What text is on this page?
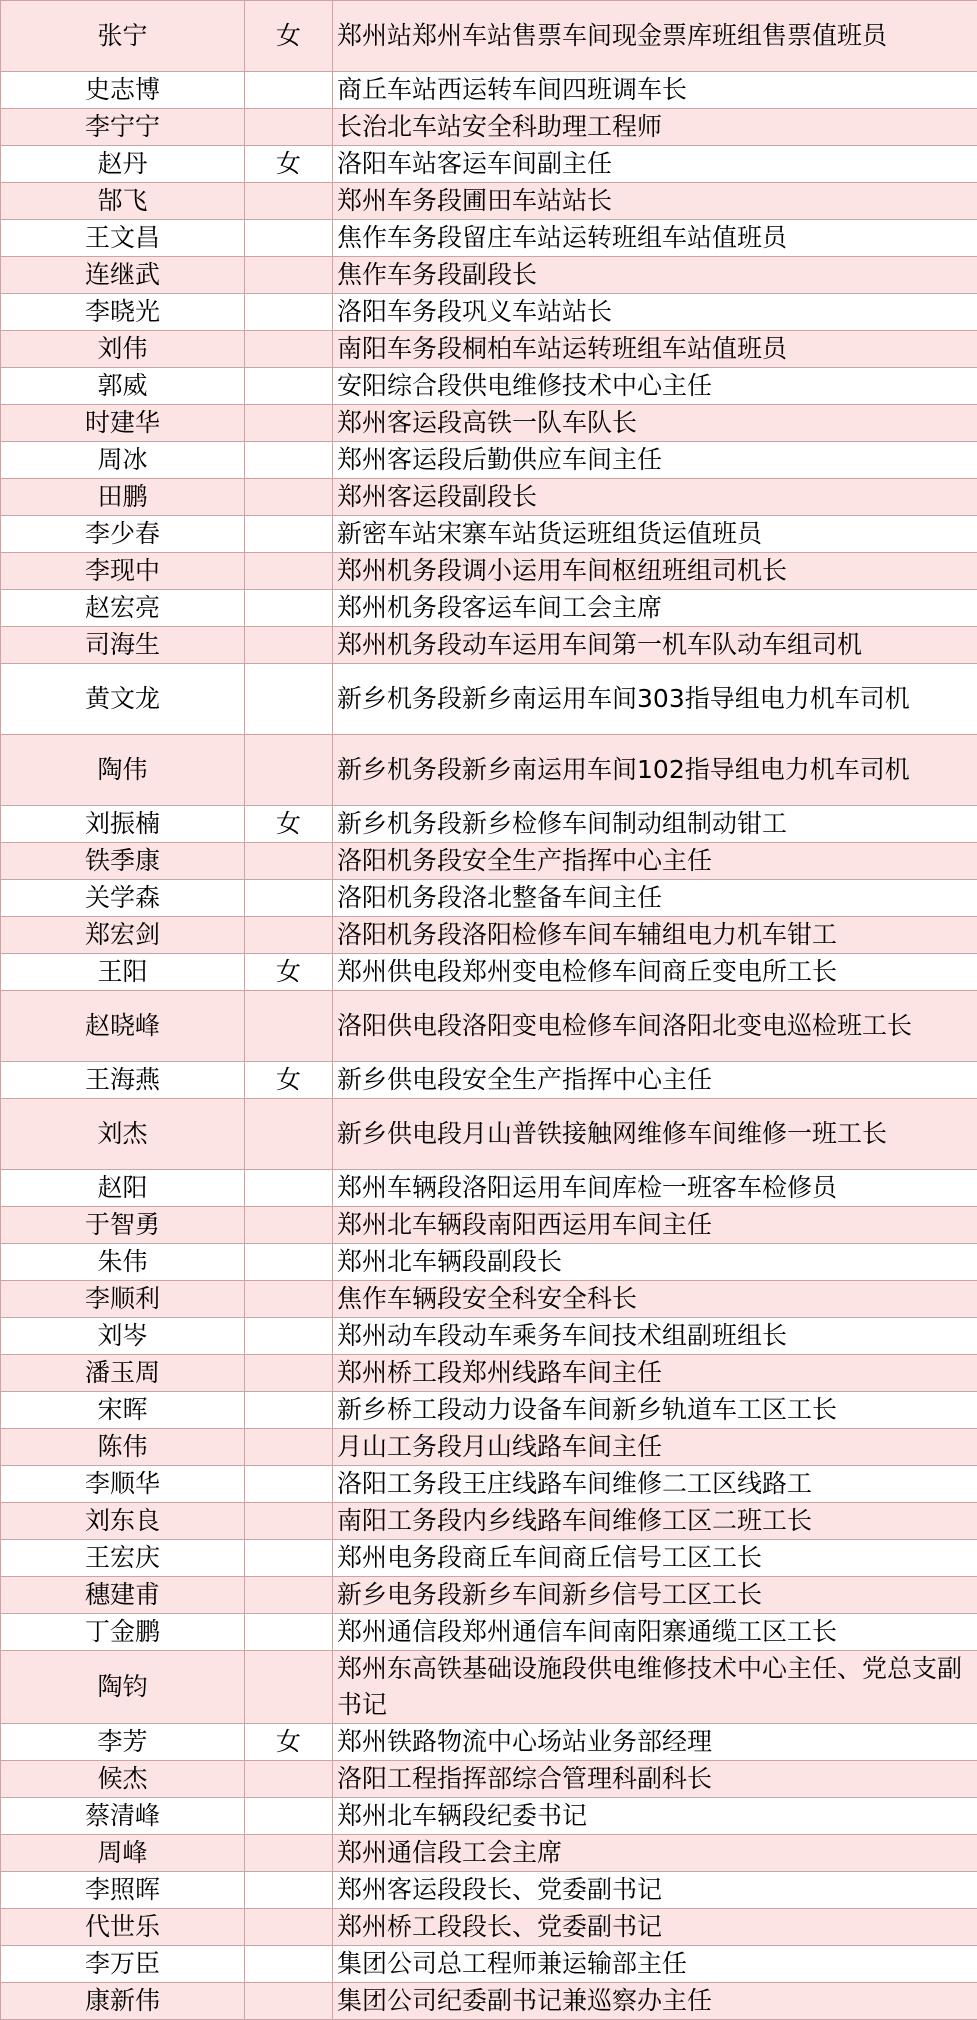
张宁	女	郑州站郑州车站售票车间现金票库班组售票值班员
史志博		商丘车站西运转车间四班调车长
李宁宁		长治北车站安全科助理工程师
赵丹	女	洛阳车站客运车间副主任
郜飞		郑州车务段圃田车站站长
王文昌		焦作车务段留庄车站运转班组车站值班员
连继武		焦作车务段副段长
李晓光		洛阳车务段巩义车站站长
刘伟		南阳车务段桐柏车站运转班组车站值班员
郭威		安阳综合段供电维修技术中心主任
时建华		郑州客运段高铁一队车队长
周冰		郑州客运段后勤供应车间主任
田鹏		郑州客运段副段长
李少春		新密车站宋寨车站货运班组货运值班员
李现中		郑州机务段调小运用车间枢纽班组司机长
赵宏亮		郑州机务段客运车间工会主席
司海生		郑州机务段动车运用车间第一机车队动车组司机
黄文龙		新乡机务段新乡南运用车间303指导组电力机车司机
陶伟		新乡机务段新乡南运用车间102指导组电力机车司机
刘振楠	女	新乡机务段新乡检修车间制动组制动钳工
铁季康		洛阳机务段安全生产指挥中心主任
关学森		洛阳机务段洛北整备车间主任
郑宏剑		洛阳机务段洛阳检修车间车辅组电力机车钳工
王阳	女	郑州供电段郑州变电检修车间商丘变电所工长
赵晓峰		洛阳供电段洛阳变电检修车间洛阳北变电巡检班工长
王海燕	女	新乡供电段安全生产指挥中心主任
刘杰		新乡供电段月山普铁接触网维修车间维修一班工长
赵阳		郑州车辆段洛阳运用车间库检一班客车检修员
于智勇		郑州北车辆段南阳西运用车间主任
朱伟		郑州北车辆段副段长
李顺利		焦作车辆段安全科安全科长
刘岑		郑州动车段动车乘务车间技术组副班组长
潘玉周		郑州桥工段郑州线路车间主任
宋晖		新乡桥工段动力设备车间新乡轨道车工区工长
陈伟		月山工务段月山线路车间主任
李顺华		洛阳工务段王庄线路车间维修二工区线路工
刘东良		南阳工务段内乡线路车间维修工区二班工长
王宏庆		郑州电务段商丘车间商丘信号工区工长
穗建甫		新乡电务段新乡车间新乡信号工区工长
丁金鹏		郑州通信段郑州通信车间南阳寨通缆工区工长
陶钧		郑州东高铁基础设施段供电维修技术中心主任、党总支副书记
李芳	女	郑州铁路物流中心场站业务部经理
候杰		洛阳工程指挥部综合管理科副科长
蔡清峰		郑州北车辆段纪委书记
周峰		郑州通信段工会主席
李照晖		郑州客运段段长、党委副书记
代世乐		郑州桥工段段长、党委副书记
李万臣		集团公司总工程师兼运输部主任
康新伟		集团公司纪委副书记兼巡察办主任
